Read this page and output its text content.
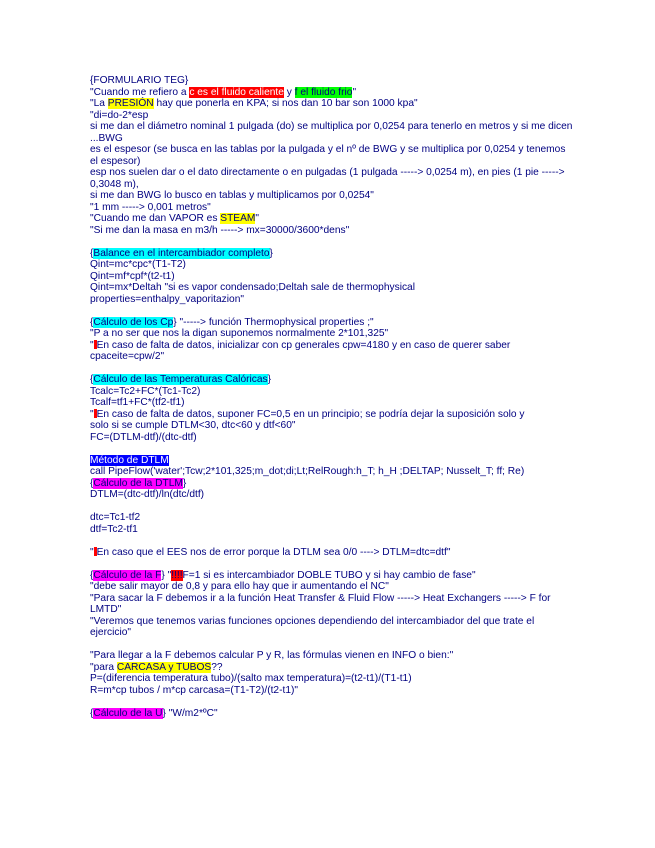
{FORMULARIO TEG}
"Cuando me refiero a c es el fluido caliente y f el fluido frio"
"La PRESIÓN hay que ponerla en KPA; si nos dan 10 bar son 1000 kpa"
"di=do-2*esp
si me dan el diámetro nominal 1 pulgada (do) se multiplica por 0,0254 para tenerlo en metros y si me dicen ...BWG
es el espesor (se busca en las tablas por la pulgada y el nº de BWG y se multiplica por 0,0254 y tenemos el espesor)
esp nos suelen dar o el dato directamente o en pulgadas (1 pulgada -----> 0,0254 m), en pies (1 pie -----> 0,3048 m),
si me dan BWG lo busco en tablas y multiplicamos por 0,0254"
"1 mm -----> 0,001 metros"
"Cuando me dan VAPOR es STEAM"
"Si me dan la masa en m3/h -----> mx=30000/3600*dens"
{Balance en el intercambiador completo}
Qint=mc*cpc*(T1-T2)
Qint=mf*cpf*(t2-t1)
Qint=mx*Deltah "si es vapor condensado;Deltah sale de thermophysical properties=enthalpy_vaporitazion"
{Cálculo de los Cp} "-----> función Thermophysical properties ;"
"P a no ser que nos la digan suponemos normalmente 2*101,325"
" En caso de falta de datos, inicializar con cp generales cpw=4180 y en caso de querer saber cpaceite=cpw/2"
{Cálculo de las Temperaturas Calóricas}
Tcalc=Tc2+FC*(Tc1-Tc2)
Tcalf=tf1+FC*(tf2-tf1)
" En caso de falta de datos, suponer FC=0,5 en un principio; se podría dejar la suposición solo y solo si se cumple DTLM<30, dtc<60 y dtf<60"
FC=(DTLM-dtf)/(dtc-dtf)
Método de DTLM
call PipeFlow('water';Tcw;2*101,325;m_dot;di;Lt;RelRough:h_T; h_H ;DELTAP; Nusselt_T; ff; Re)
{Cálculo de la DTLM}
DTLM=(dtc-dtf)/ln(dtc/dtf)
dtc=Tc1-tf2
dtf=Tc2-tf1
" En caso que el EES nos de error porque la DTLM sea 0/0 ----> DTLM=dtc=dtf"
{Cálculo de la F} "!!!!F=1 si es intercambiador DOBLE TUBO y si hay cambio de fase"
"debe salir mayor de 0,8 y para ello hay que ir aumentando el NC"
"Para sacar la F debemos ir a la función Heat Transfer & Fluid Flow -----> Heat Exchangers -----> F for LMTD"
"Veremos que tenemos varias funciones opciones dependiendo del intercambiador del que trate el ejercicio"
"Para llegar a la F debemos calcular P y R, las fórmulas vienen en INFO o bien:"
"para CARCASA y TUBOS??
P=(diferencia temperatura tubo)/(salto max temperatura)=(t2-t1)/(T1-t1)
R=m*cp tubos / m*cp carcasa=(T1-T2)/(t2-t1)"
{Cálculo de la U} "W/m2*ºC"
